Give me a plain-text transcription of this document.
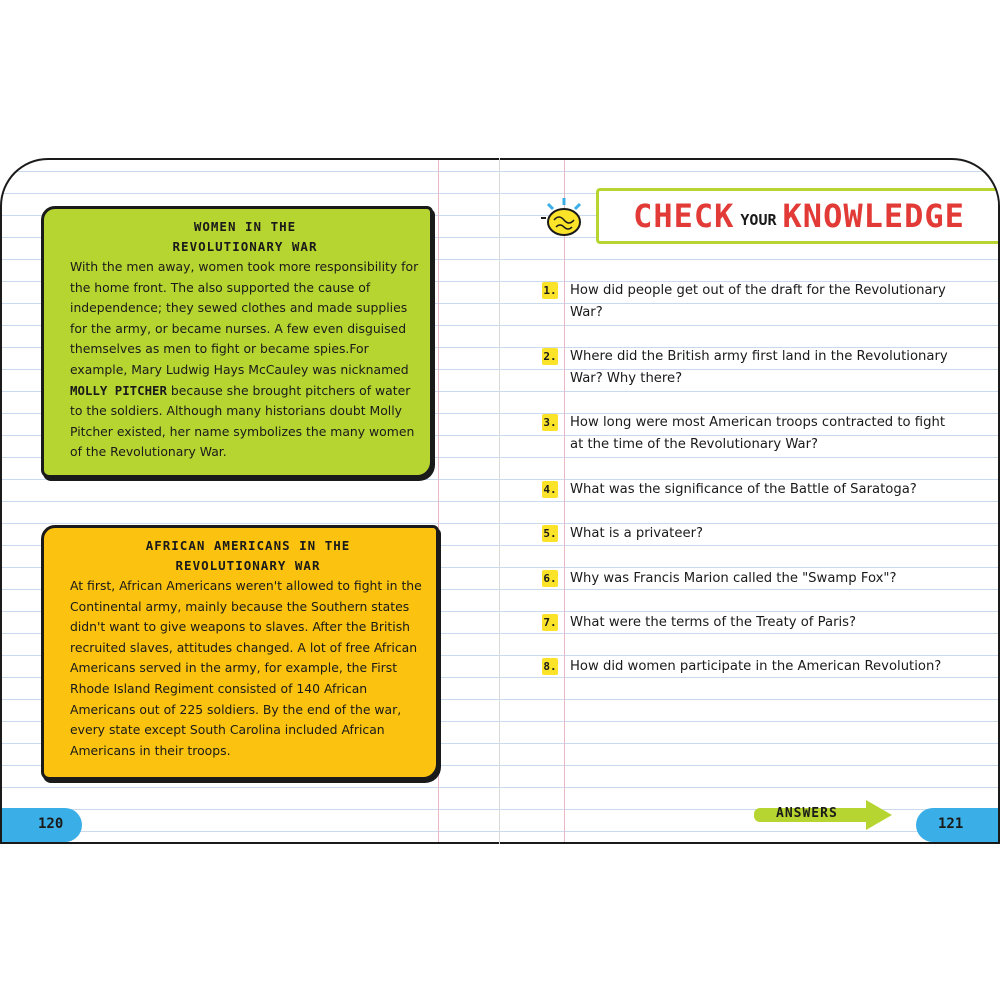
WOMEN IN THE
REVOLUTIONARY WAR

With the men away, women took more responsibility for the home front. The also supported the cause of independence; they sewed clothes and made supplies for the army, or became nurses. A few even disguised themselves as men to fight or became spies.For example, Mary Ludwig Hays McCauley was nicknamed MOLLY PITCHER because she brought pitchers of water to the soldiers. Although many historians doubt Molly Pitcher existed, her name symbolizes the many women of the Revolutionary War.

AFRICAN AMERICANS IN THE
REVOLUTIONARY WAR

At first, African Americans weren't allowed to fight in the Continental army, mainly because the Southern states didn't want to give weapons to slaves. After the British recruited slaves, attitudes changed. A lot of free African Americans served in the army, for example, the First Rhode Island Regiment consisted of 140 African Americans out of 225 soldiers. By the end of the war, every state except South Carolina included African Americans in their troops.

120
CHECK YOUR KNOWLEDGE
1. How did people get out of the draft for the Revolutionary War?
2. Where did the British army first land in the Revolutionary War? Why there?
3. How long were most American troops contracted to fight at the time of the Revolutionary War?
4. What was the significance of the Battle of Saratoga?
5. What is a privateer?
6. Why was Francis Marion called the "Swamp Fox"?
7. What were the terms of the Treaty of Paris?
8. How did women participate in the American Revolution?
ANSWERS
121
